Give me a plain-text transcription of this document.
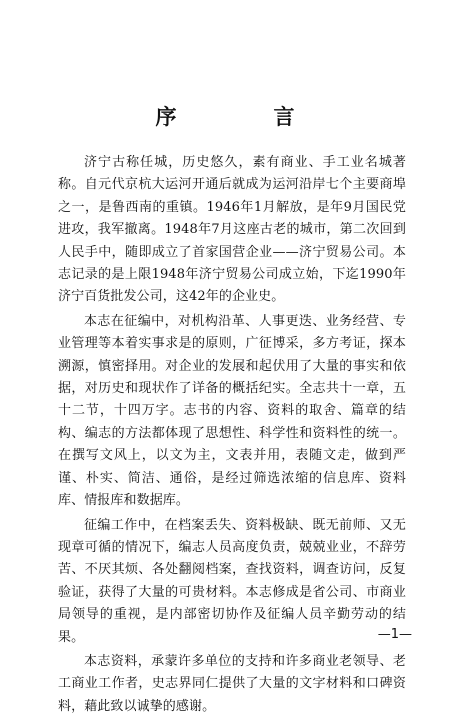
序　言

济宁古称任城，历史悠久，素有商业、手工业名城著称。自元代京杭大运河开通后就成为运河沿岸七个主要商埠之一，是鲁西南的重镇。1946年1月解放，是年9月国民党进攻，我军撤离。1948年7月这座古老的城市，第二次回到人民手中，随即成立了首家国营企业——济宁贸易公司。本志记录的是上限1948年济宁贸易公司成立始，下迄1990年济宁百货批发公司，这42年的企业史。

本志在征编中，对机构沿革、人事更迭、业务经营、专业管理等本着实事求是的原则，广征博采，多方考证，探本溯源，慎密择用。对企业的发展和起伏用了大量的事实和依据，对历史和现状作了详备的概括纪实。全志共十一章，五十二节，十四万字。志书的内容、资料的取舍、篇章的结构、编志的方法都体现了思想性、科学性和资料性的统一。在撰写文风上，以文为主，文表并用，表随文走，做到严谨、朴实、简洁、通俗，是经过筛选浓缩的信息库、资料库、情报库和数据库。

征编工作中，在档案丢失、资料极缺、既无前师、又无现章可循的情况下，编志人员高度负责，兢兢业业，不辞劳苦、不厌其烦、各处翻阅档案，查找资料，调查访问，反复验证，获得了大量的可贵材料。本志修成是省公司、市商业局领导的重视，是内部密切协作及征编人员辛勤劳动的结果。

本志资料，承蒙许多单位的支持和许多商业老领导、老工商业工作者，史志界同仁提供了大量的文字材料和口碑资料，藉此致以诚挚的感谢。

—1—
